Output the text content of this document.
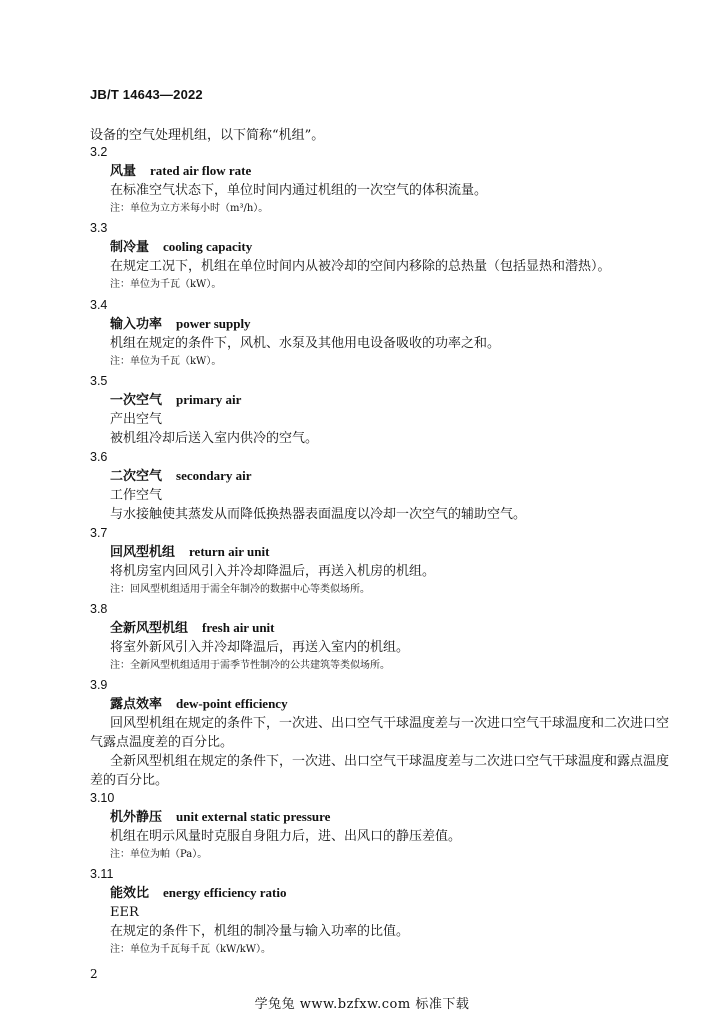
JB/T 14643—2022
设备的空气处理机组，以下简称“机组”。
3.2
风量 rated air flow rate
在标准空气状态下，单位时间内通过机组的一次空气的体积流量。
注：单位为立方米每小时（m³/h）。
3.3
制冷量 cooling capacity
在规定工况下，机组在单位时间内从被冷却的空间内移除的总热量（包括显热和潜热）。
注：单位为千瓦（kW）。
3.4
输入功率 power supply
机组在规定的条件下，风机、水泵及其他用电设备吸收的功率之和。
注：单位为千瓦（kW）。
3.5
一次空气 primary air
产出空气
被机组冷却后送入室内供冷的空气。
3.6
二次空气 secondary air
工作空气
与水接触使其蒸发从而降低换热器表面温度以冷却一次空气的辅助空气。
3.7
回风型机组 return air unit
将机房室内回风引入并冷却降温后，再送入机房的机组。
注：回风型机组适用于需全年制冷的数据中心等类似场所。
3.8
全新风型机组 fresh air unit
将室外新风引入并冷却降温后，再送入室内的机组。
注：全新风型机组适用于需季节性制冷的公共建筑等类似场所。
3.9
露点效率 dew-point efficiency
回风型机组在规定的条件下，一次进、出口空气干球温度差与一次进口空气干球温度和二次进口空
气露点温度差的百分比。
全新风型机组在规定的条件下，一次进、出口空气干球温度差与二次进口空气干球温度和露点温度
差的百分比。
3.10
机外静压 unit external static pressure
机组在明示风量时克服自身阻力后，进、出风口的静压差值。
注：单位为帕（Pa）。
3.11
能效比 energy efficiency ratio
EER
在规定的条件下，机组的制冷量与输入功率的比值。
注：单位为千瓦每千瓦（kW/kW）。
2
学兔兔 www.bzfxw.com 标准下载
